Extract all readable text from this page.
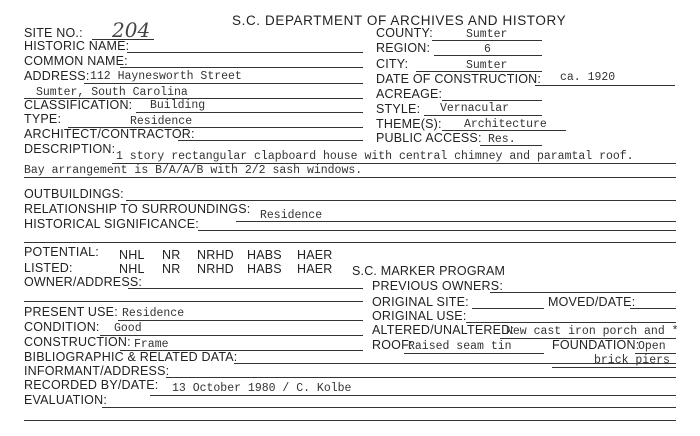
S.C. DEPARTMENT OF ARCHIVES AND HISTORY
SITE NO.: 204
HISTORIC NAME:
COMMON NAME:
ADDRESS: 112 Haynesworth Street
Sumter, South Carolina
CLASSIFICATION: Building
TYPE:	Residence
ARCHITECT/CONTRACTOR:
COUNTY:	Sumter
REGION:	6
CITY:	Sumter
DATE OF CONSTRUCTION: ca. 1920
ACREAGE:
STYLE: Vernacular
THEME(S): Architecture
PUBLIC ACCESS: Res.
DESCRIPTION:
1 story rectangular clapboard house with central chimney and paramtal roof.
Bay arrangement is B/A/A/B with 2/2 sash windows.
OUTBUILDINGS:
RELATIONSHIP TO SURROUNDINGS: Residence
HISTORICAL SIGNIFICANCE:
POTENTIAL: NHL NR NRHD HABS HAER
LISTED:	NHL NR NRHD HABS HAER S.C. MARKER PROGRAM
OWNER/ADDRESS:	PREVIOUS OWNERS:
ORIGINAL SITE:	MOVED/DATE:
PRESENT USE: Residence	ORIGINAL USE:
CONDITION: Good	ALTERED/UNALTERED:
New cast iron porch and *
CONSTRUCTION: Frame	ROOF:
Raised seam tin	FOUNDATION:
Open
brick piers
BIBLIOGRAPHIC & RELATED DATA:
INFORMANT/ADDRESS:
RECORDED BY/DATE: 13 October 1980 / C. Kolbe
EVALUATION:
